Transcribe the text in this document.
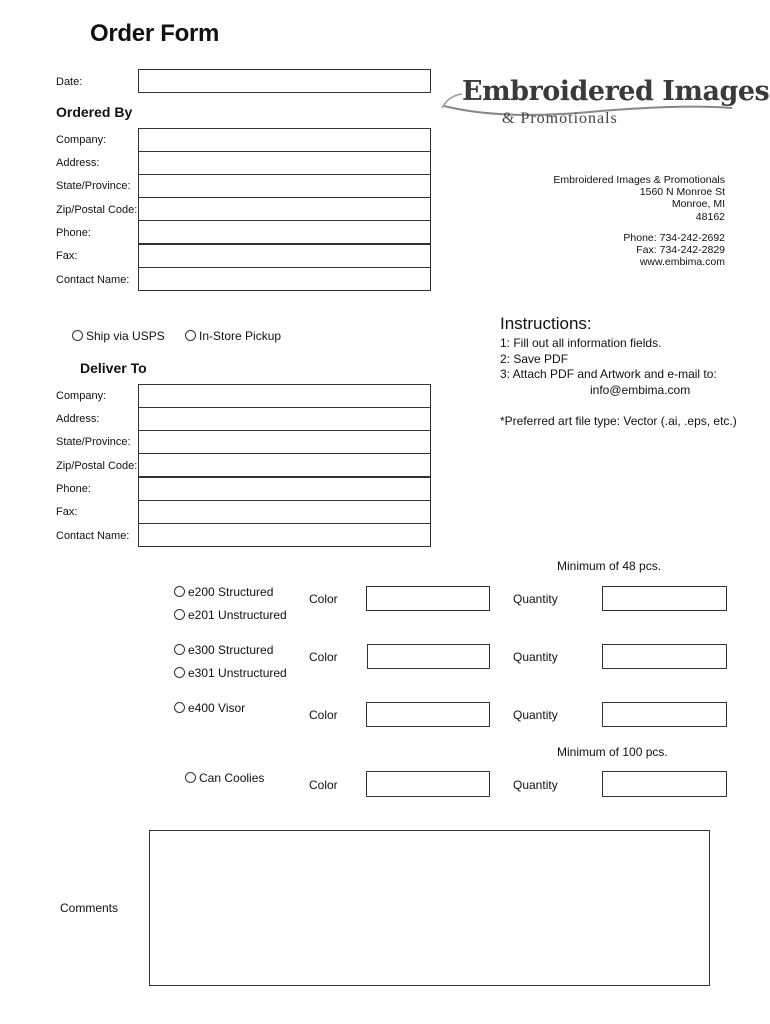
Order Form
Date:
Ordered By
Company:
Address:
State/Province:
Zip/Postal Code:
Phone:
Fax:
Contact Name:
Embroidered Images
& Promotionals
Embroidered Images & Promotionals
1560 N Monroe St
Monroe, MI
48162
Phone: 734-242-2692
Fax: 734-242-2829
www.embima.com
Ship via USPS	In-Store Pickup
Instructions:
1: Fill out all information fields.
2: Save PDF
3: Attach PDF and Artwork and e-mail to:
info@embima.com
*Preferred art file type: Vector (.ai, .eps, etc.)
Deliver To
Company:
Address:
State/Province:
Zip/Postal Code:
Phone:
Fax:
Contact Name:
Minimum of 48 pcs.
e200 Structured
e201 Unstructured
Color	Quantity
e300 Structured
e301 Unstructured
Color	Quantity
e400 Visor	Color	Quantity
Minimum of 100 pcs.
Can Coolies	Color	Quantity
Comments
